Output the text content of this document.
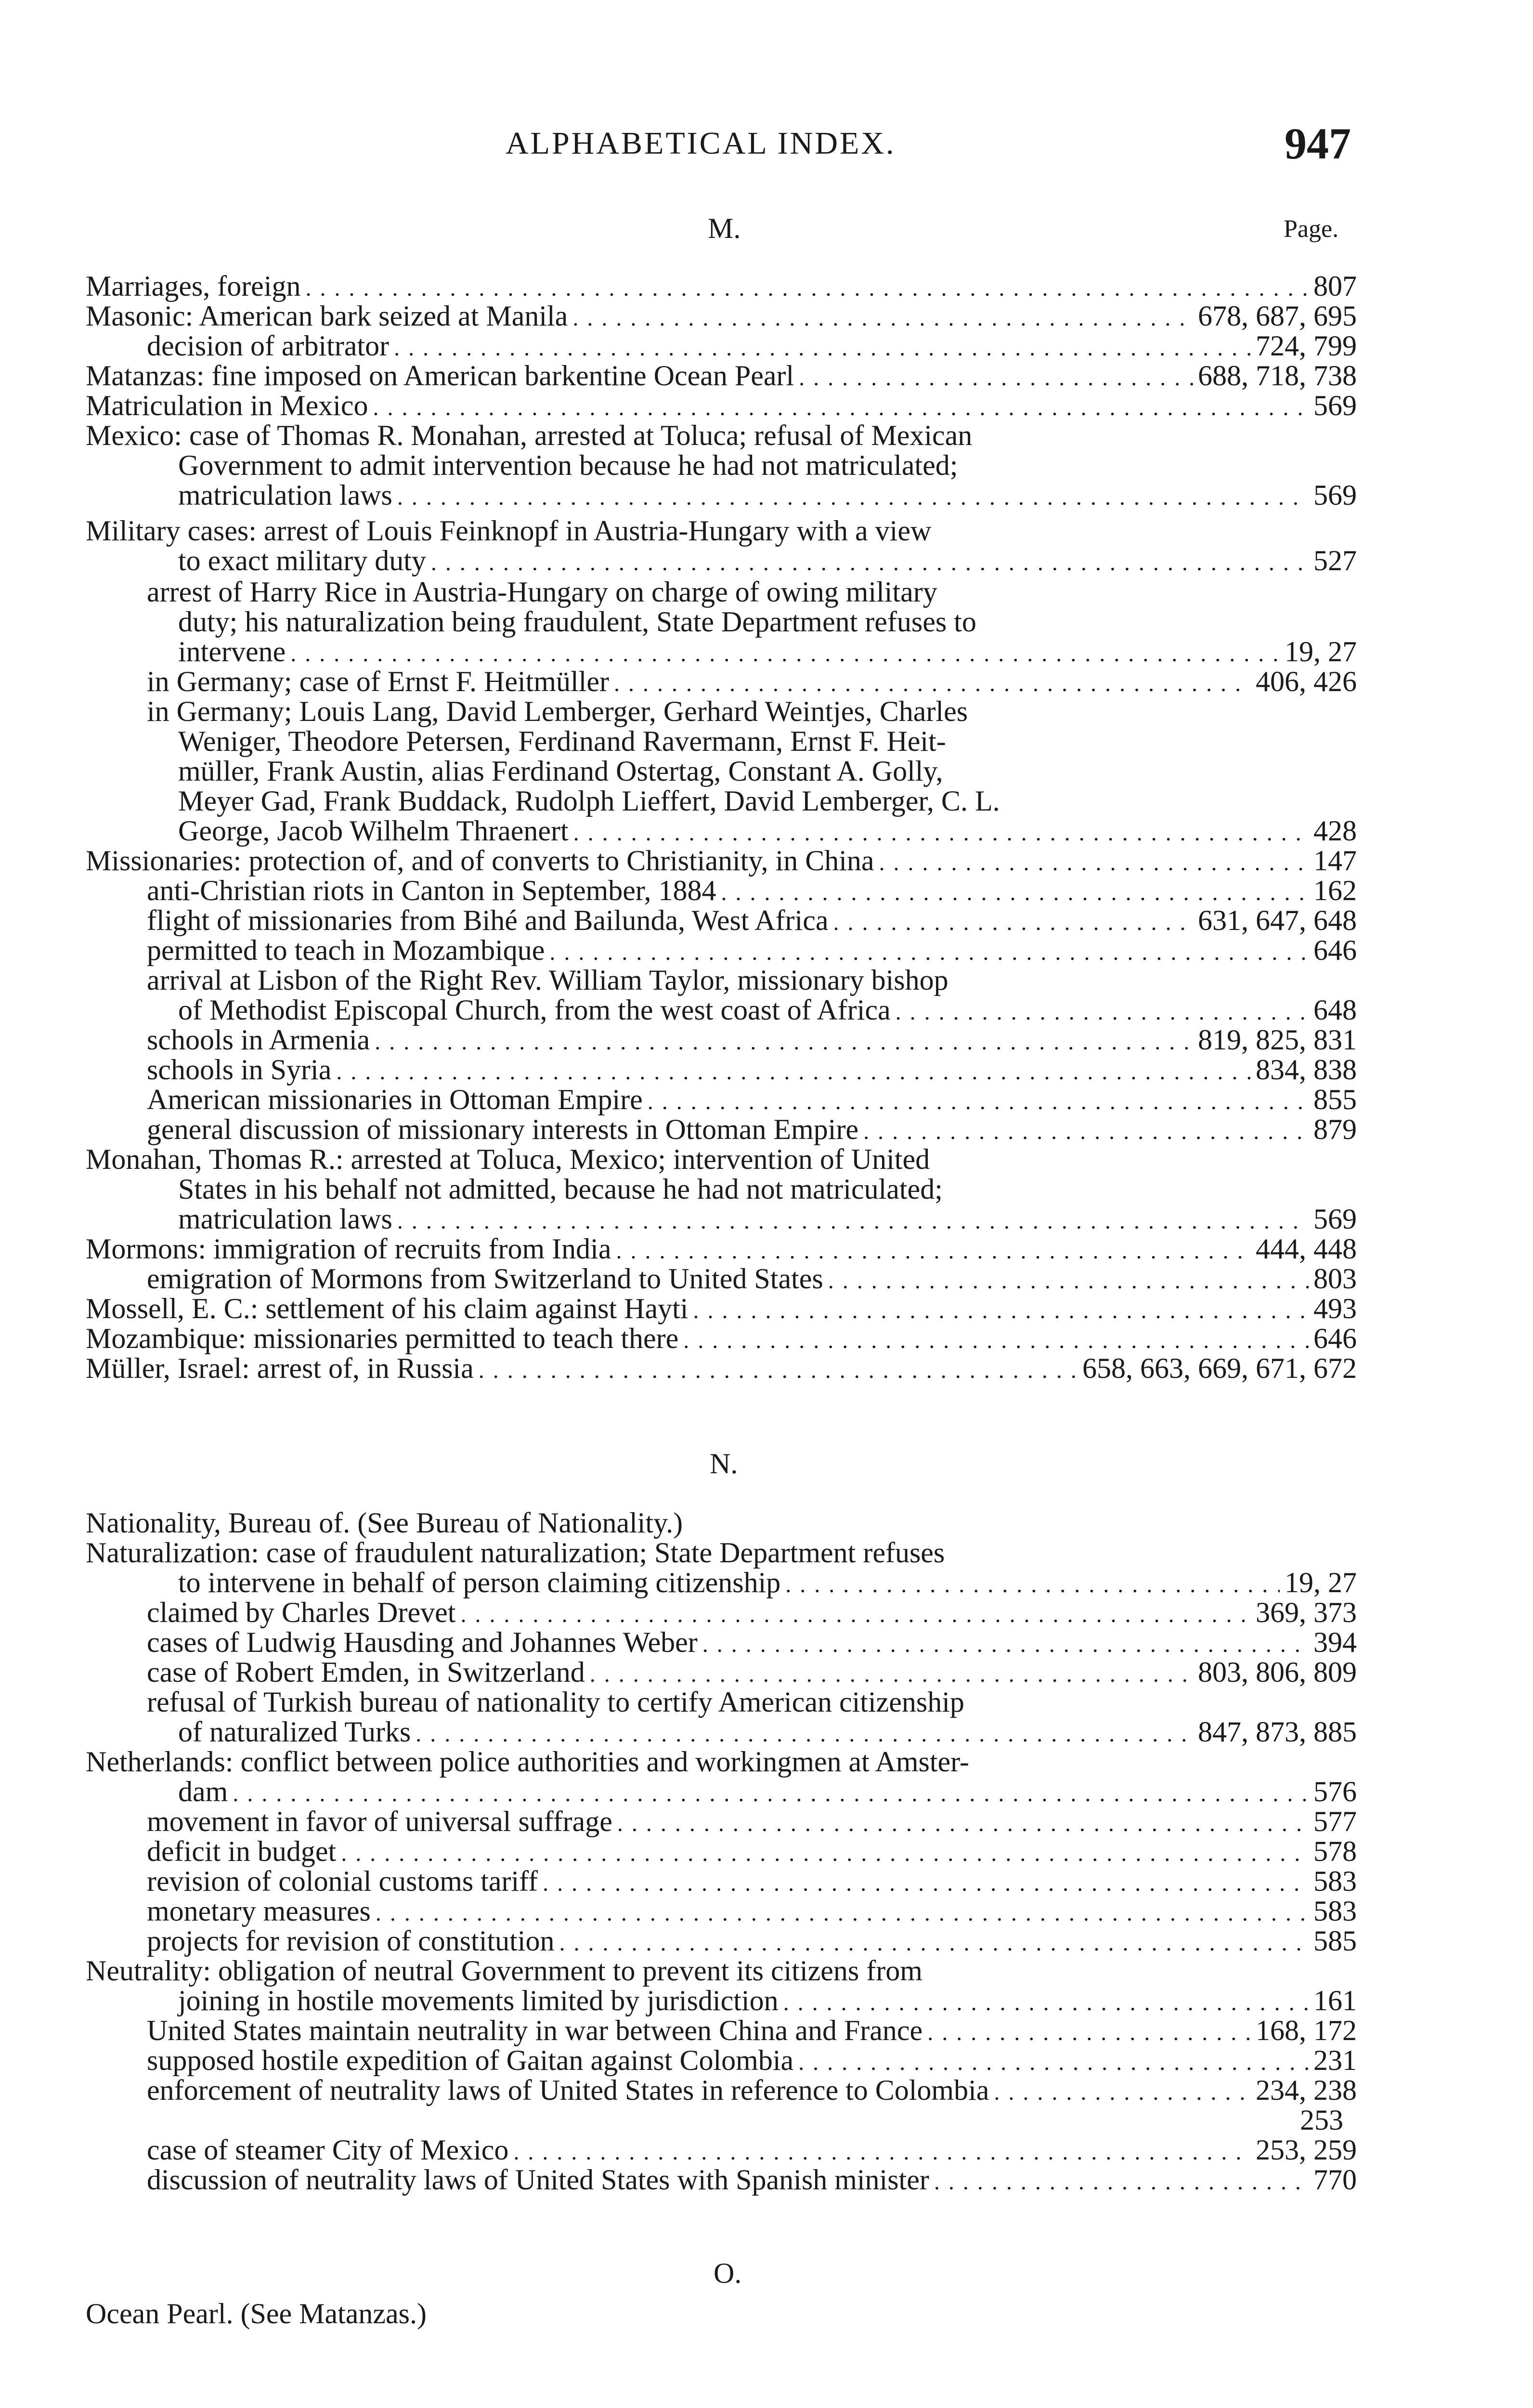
ALPHABETICAL INDEX.	947
M.	Page.
Marriages, foreign . . .	807
Masonic: American bark seized at Manila . . .	678, 687, 695
decision of arbitrator . . .	724, 799
Matanzas: fine imposed on American barkentine Ocean Pearl . . .	688, 718, 738
Matriculation in Mexico . . .	569
Mexico: case of Thomas R. Monahan, arrested at Toluca; refusal of Mexican
Government to admit intervention because he had not matriculated;
matriculation laws . . .	569
Military cases: arrest of Louis Feinknopf in Austria-Hungary with a view
to exact military duty . . .	527
arrest of Harry Rice in Austria-Hungary on charge of owing military
duty; his naturalization being fraudulent, State Department refuses to
intervene . . .	19, 27
in Germany; case of Ernst F. Heitmüller . . .	406, 426
in Germany; Louis Lang, David Lemberger, Gerhard Weintjes, Charles
Weniger, Theodore Petersen, Ferdinand Ravermann, Ernst F. Heit-
müller, Frank Austin, alias Ferdinand Ostertag, Constant A. Golly,
Meyer Gad, Frank Buddack, Rudolph Lieffert, David Lemberger, C. L.
George, Jacob Wilhelm Thraenert . . .	428
Missionaries: protection of, and of converts to Christianity, in China . . .	147
anti-Christian riots in Canton in September, 1884 . . .	162
flight of missionaries from Bihé and Bailunda, West Africa . . .	631, 647, 648
permitted to teach in Mozambique . . .	646
arrival at Lisbon of the Right Rev. William Taylor, missionary bishop
of Methodist Episcopal Church, from the west coast of Africa . . .	648
schools in Armenia . . .	819, 825, 831
schools in Syria . . .	834, 838
American missionaries in Ottoman Empire . . .	855
general discussion of missionary interests in Ottoman Empire . . .	879
Monahan, Thomas R.: arrested at Toluca, Mexico; intervention of United
States in his behalf not admitted, because he had not matriculated;
matriculation laws . . .	569
Mormons: immigration of recruits from India . . .	444, 448
emigration of Mormons from Switzerland to United States . . .	803
Mossell, E. C.: settlement of his claim against Hayti . . .	493
Mozambique: missionaries permitted to teach there . . .	646
Müller, Israel: arrest of, in Russia . . .	658, 663, 669, 671, 672
N.
Nationality, Bureau of. (See Bureau of Nationality.)
Naturalization: case of fraudulent naturalization; State Department refuses
to intervene in behalf of person claiming citizenship . . .	19, 27
claimed by Charles Drevet . . .	369, 373
cases of Ludwig Hausding and Johannes Weber . . .	394
case of Robert Emden, in Switzerland . . .	803, 806, 809
refusal of Turkish bureau of nationality to certify American citizenship
of naturalized Turks . . .	847, 873, 885
Netherlands: conflict between police authorities and workingmen at Amster-
dam . . .	576
movement in favor of universal suffrage . . .	577
deficit in budget . . .	578
revision of colonial customs tariff . . .	583
monetary measures . . .	583
projects for revision of constitution . . .	585
Neutrality: obligation of neutral Government to prevent its citizens from
joining in hostile movements limited by jurisdiction . . .	161
United States maintain neutrality in war between China and France . . .	168, 172
supposed hostile expedition of Gaitan against Colombia . . .	231
enforcement of neutrality laws of United States in reference to Colombia . . .	234, 238
253
case of steamer City of Mexico . . .	253, 259
discussion of neutrality laws of United States with Spanish minister . . .	770
O.
Ocean Pearl. (See Matanzas.)
